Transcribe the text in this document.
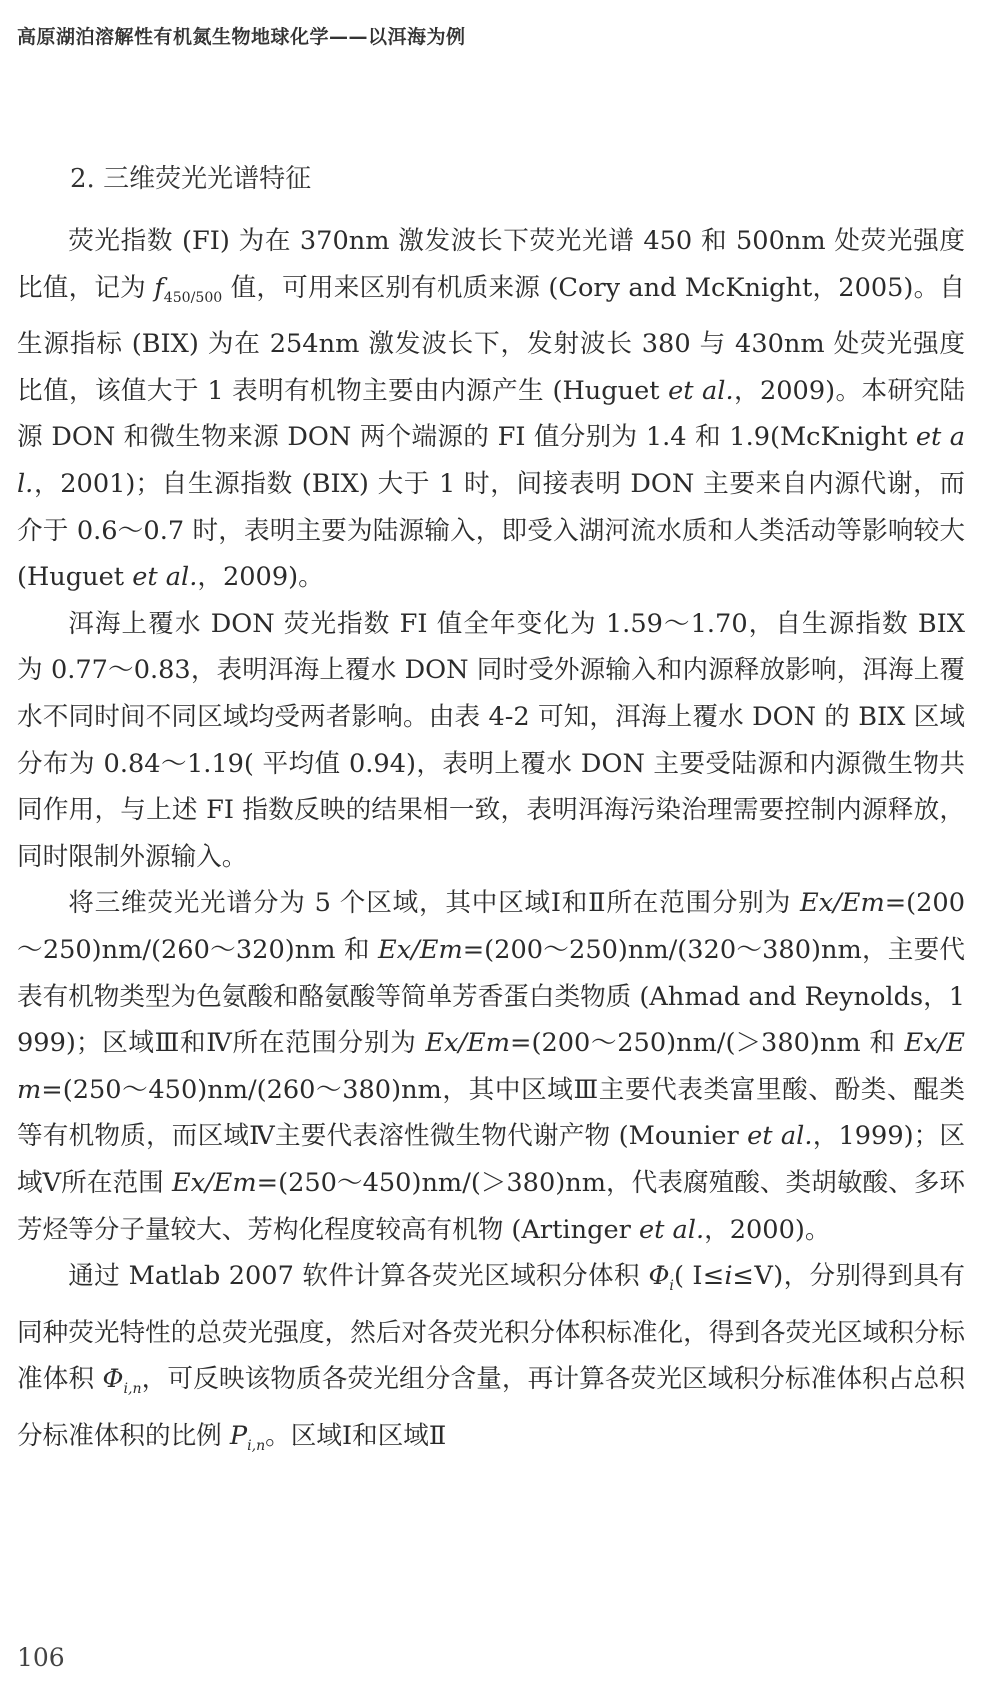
高原湖泊溶解性有机氮生物地球化学——以洱海为例
2. 三维荧光光谱特征

荧光指数 (FI) 为在 370nm 激发波长下荧光光谱 450 和 500nm 处荧光强度比值，记为 $f_{450/500}$ 值，可用来区别有机质来源 (Cory and McKnight，2005)。自生源指标 (BIX) 为在 254nm 激发波长下，发射波长 380 与 430nm 处荧光强度比值，该值大于 1 表明有机物主要由内源产生 (Huguet et al.，2009)。本研究陆源 DON 和微生物来源 DON 两个端源的 FI 值分别为 1.4 和 1.9(McKnight et al.，2001)；自生源指数 (BIX) 大于 1 时，间接表明 DON 主要来自内源代谢，而介于 0.6～0.7 时，表明主要为陆源输入，即受入湖河流水质和人类活动等影响较大 (Huguet et al.，2009)。

洱海上覆水 DON 荧光指数 FI 值全年变化为 1.59～1.70，自生源指数 BIX 为 0.77～0.83，表明洱海上覆水 DON 同时受外源输入和内源释放影响，洱海上覆水不同时间不同区域均受两者影响。由表 4-2 可知，洱海上覆水 DON 的 BIX 区域分布为 0.84～1.19( 平均值 0.94)，表明上覆水 DON 主要受陆源和内源微生物共同作用，与上述 FI 指数反映的结果相一致，表明洱海污染治理需要控制内源释放，同时限制外源输入。

将三维荧光光谱分为 5 个区域，其中区域Ⅰ和Ⅱ所在范围分别为 Ex/Em=(200～250)nm/(260～320)nm 和 Ex/Em=(200～250)nm/(320～380)nm，主要代表有机物类型为色氨酸和酪氨酸等简单芳香蛋白类物质 (Ahmad and Reynolds，1999)；区域Ⅲ和Ⅳ所在范围分别为 Ex/Em=(200～250)nm/(＞380)nm 和 Ex/Em=(250～450)nm/(260～380)nm，其中区域Ⅲ主要代表类富里酸、酚类、醌类等有机物质，而区域Ⅳ主要代表溶性微生物代谢产物 (Mounier et al.，1999)；区域Ⅴ所在范围 Ex/Em=(250～450)nm/(＞380)nm，代表腐殖酸、类胡敏酸、多环芳烃等分子量较大、芳构化程度较高有机物 (Artinger et al.，2000)。

通过 Matlab 2007 软件计算各荧光区域积分体积 $\Phi_i$( Ⅰ≤i≤Ⅴ)，分别得到具有同种荧光特性的总荧光强度，然后对各荧光积分体积标准化，得到各荧光区域积分标准体积 $\Phi_{i,n}$，可反映该物质各荧光组分含量，再计算各荧光区域积分标准体积占总积分标准体积的比例 $P_{i,n}$。区域Ⅰ和区域Ⅱ

106
